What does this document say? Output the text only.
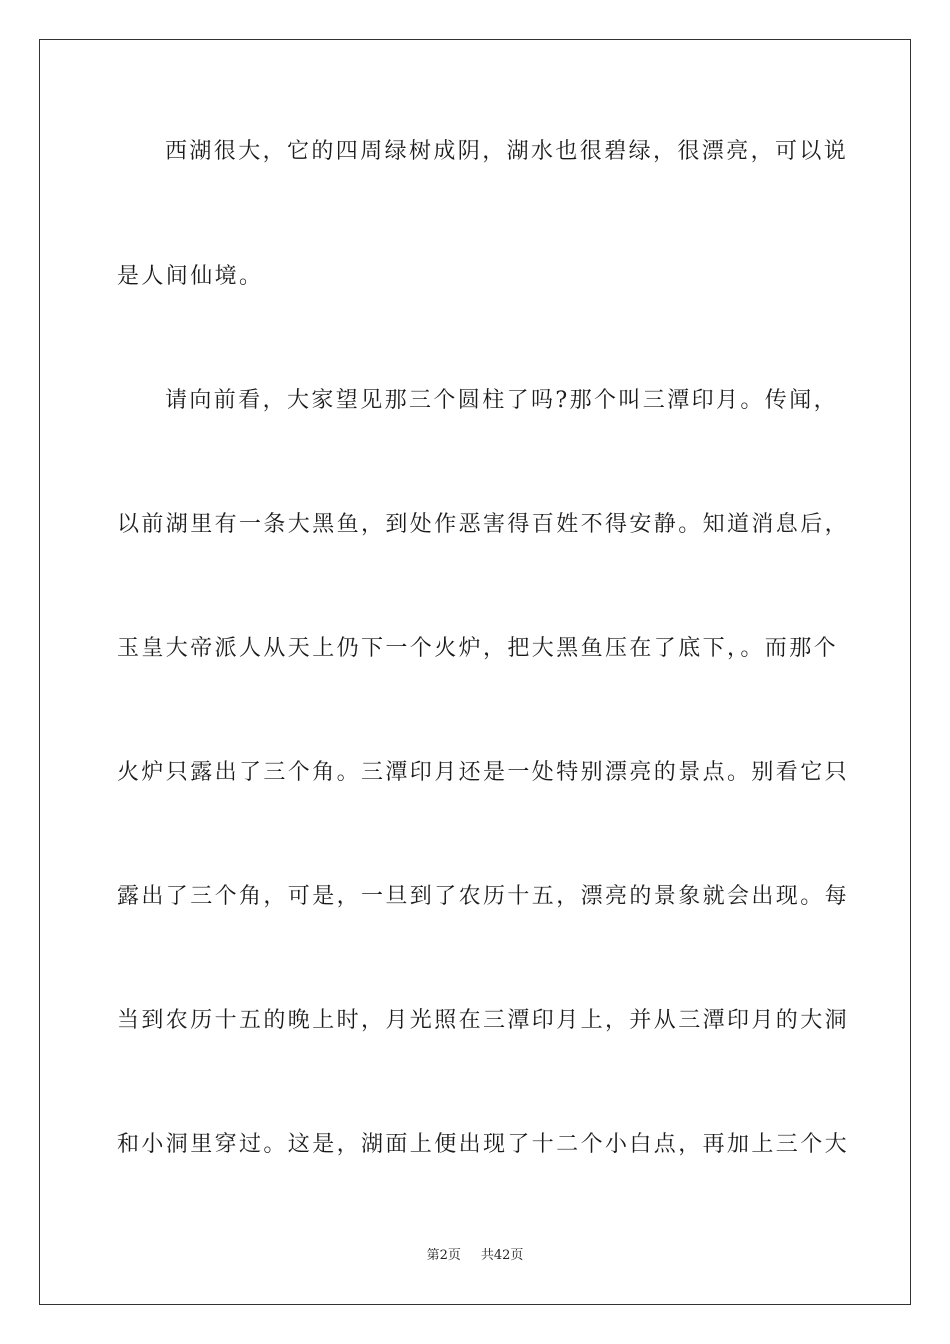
西湖很大，它的四周绿树成阴，湖水也很碧绿，很漂亮，可以说
是人间仙境。
请向前看，大家望见那三个圆柱了吗?那个叫三潭印月。传闻，
以前湖里有一条大黑鱼，到处作恶害得百姓不得安静。知道消息后，
玉皇大帝派人从天上仍下一个火炉，把大黑鱼压在了底下，。而那个
火炉只露出了三个角。三潭印月还是一处特别漂亮的景点。别看它只
露出了三个角，可是，一旦到了农历十五，漂亮的景象就会出现。每
当到农历十五的晚上时，月光照在三潭印月上，并从三潭印月的大洞
和小洞里穿过。这是，湖面上便出现了十二个小白点，再加上三个大
第2页 共42页
